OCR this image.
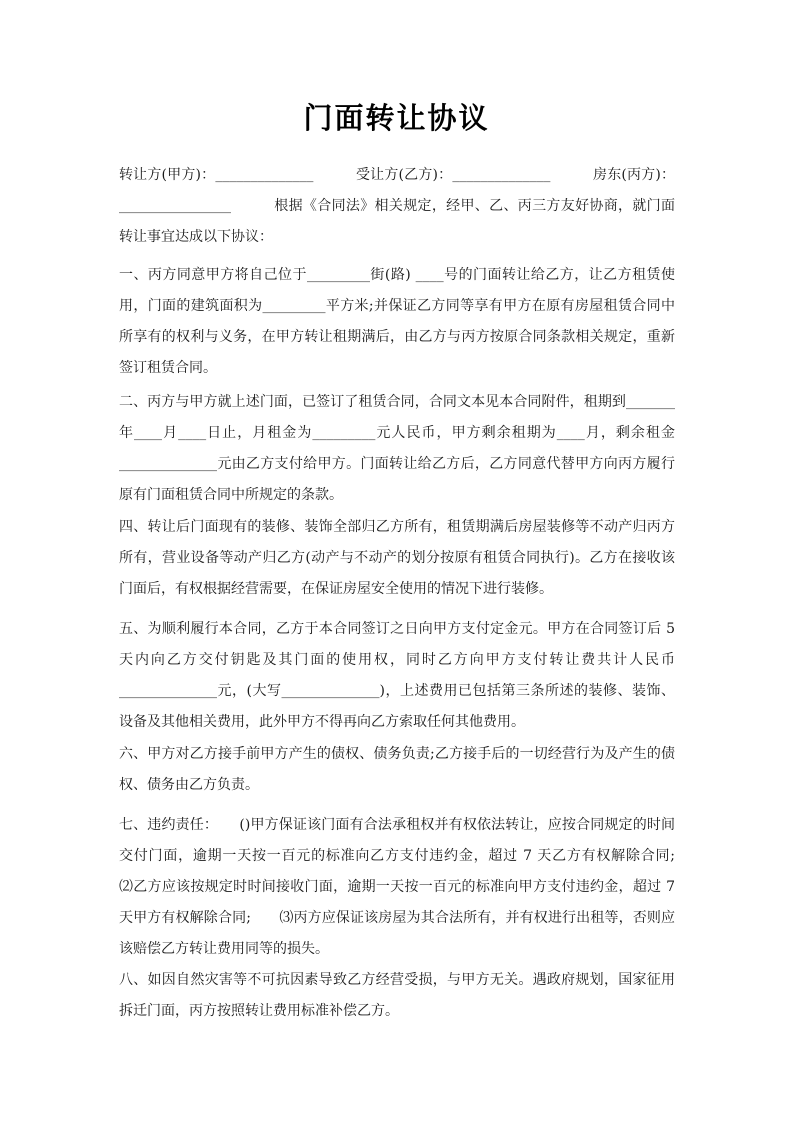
门面转让协议
转让方(甲方)：______________　　　受让方(乙方)：______________　　　房东(丙方)：________________　　　根据《合同法》相关规定，经甲、乙、丙三方友好协商，就门面转让事宜达成以下协议：
一、丙方同意甲方将自己位于_________街(路) ____号的门面转让给乙方，让乙方租赁使用，门面的建筑面积为_________平方米;并保证乙方同等享有甲方在原有房屋租赁合同中所享有的权利与义务，在甲方转让租期满后，由乙方与丙方按原合同条款相关规定，重新签订租赁合同。
二、丙方与甲方就上述门面，已签订了租赁合同，合同文本见本合同附件，租期到_______年____月____日止，月租金为_________元人民币，甲方剩余租期为____月，剩余租金______________元由乙方支付给甲方。门面转让给乙方后，乙方同意代替甲方向丙方履行原有门面租赁合同中所规定的条款。
四、转让后门面现有的装修、装饰全部归乙方所有，租赁期满后房屋装修等不动产归丙方所有，营业设备等动产归乙方(动产与不动产的划分按原有租赁合同执行)。乙方在接收该门面后，有权根据经营需要，在保证房屋安全使用的情况下进行装修。
五、为顺利履行本合同，乙方于本合同签订之日向甲方支付定金元。甲方在合同签订后 5 天内向乙方交付钥匙及其门面的使用权，同时乙方向甲方支付转让费共计人民币______________元，(大写______________)，上述费用已包括第三条所述的装修、装饰、设备及其他相关费用，此外甲方不得再向乙方索取任何其他费用。
六、甲方对乙方接手前甲方产生的债权、债务负责;乙方接手后的一切经营行为及产生的债权、债务由乙方负责。
七、违约责任：　　()甲方保证该门面有合法承租权并有权依法转让，应按合同规定的时间交付门面，逾期一天按一百元的标准向乙方支付违约金，超过 7 天乙方有权解除合同;　　⑵乙方应该按规定时时间接收门面，逾期一天按一百元的标准向甲方支付违约金，超过 7 天甲方有权解除合同;　　⑶丙方应保证该房屋为其合法所有，并有权进行出租等，否则应该赔偿乙方转让费用同等的损失。
八、如因自然灾害等不可抗因素导致乙方经营受损，与甲方无关。遇政府规划，国家征用拆迁门面，丙方按照转让费用标准补偿乙方。
